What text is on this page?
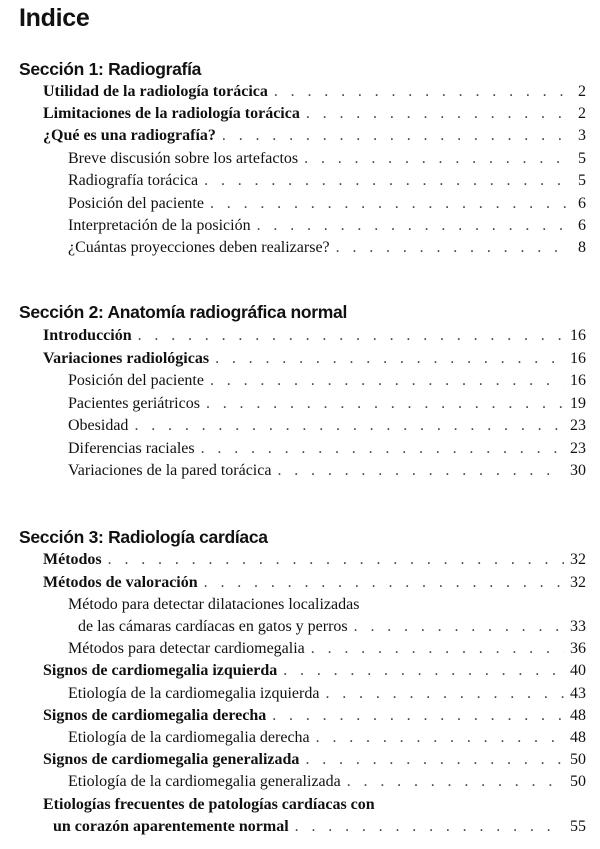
Indice
Sección 1: Radiografía
Utilidad de la radiología torácica . . .	2
Limitaciones de la radiología torácica . . .	2
¿Qué es una radiografía? . . .	3
Breve discusión sobre los artefactos . . .	5
Radiografía torácica . . .	5
Posición del paciente . . .	6
Interpretación de la posición . . .	6
¿Cuántas proyecciones deben realizarse? . . .	8
Sección 2: Anatomía radiográfica normal
Introducción . . .	16
Variaciones radiológicas . . .	16
Posición del paciente . . .	16
Pacientes geriátricos . . .	19
Obesidad . . .	23
Diferencias raciales . . .	23
Variaciones de la pared torácica . . .	30
Sección 3: Radiología cardíaca
Métodos . . .	32
Métodos de valoración . . .	32
Método para detectar dilataciones localizadas
de las cámaras cardíacas en gatos y perros . . .	33
Métodos para detectar cardiomegalia . . .	36
Signos de cardiomegalia izquierda . . .	40
Etiología de la cardiomegalia izquierda . . .	43
Signos de cardiomegalia derecha . . .	48
Etiología de la cardiomegalia derecha . . .	48
Signos de cardiomegalia generalizada . . .	50
Etiología de la cardiomegalia generalizada . . .	50
Etiologías frecuentes de patologías cardíacas con
un corazón aparentemente normal . . .	55
